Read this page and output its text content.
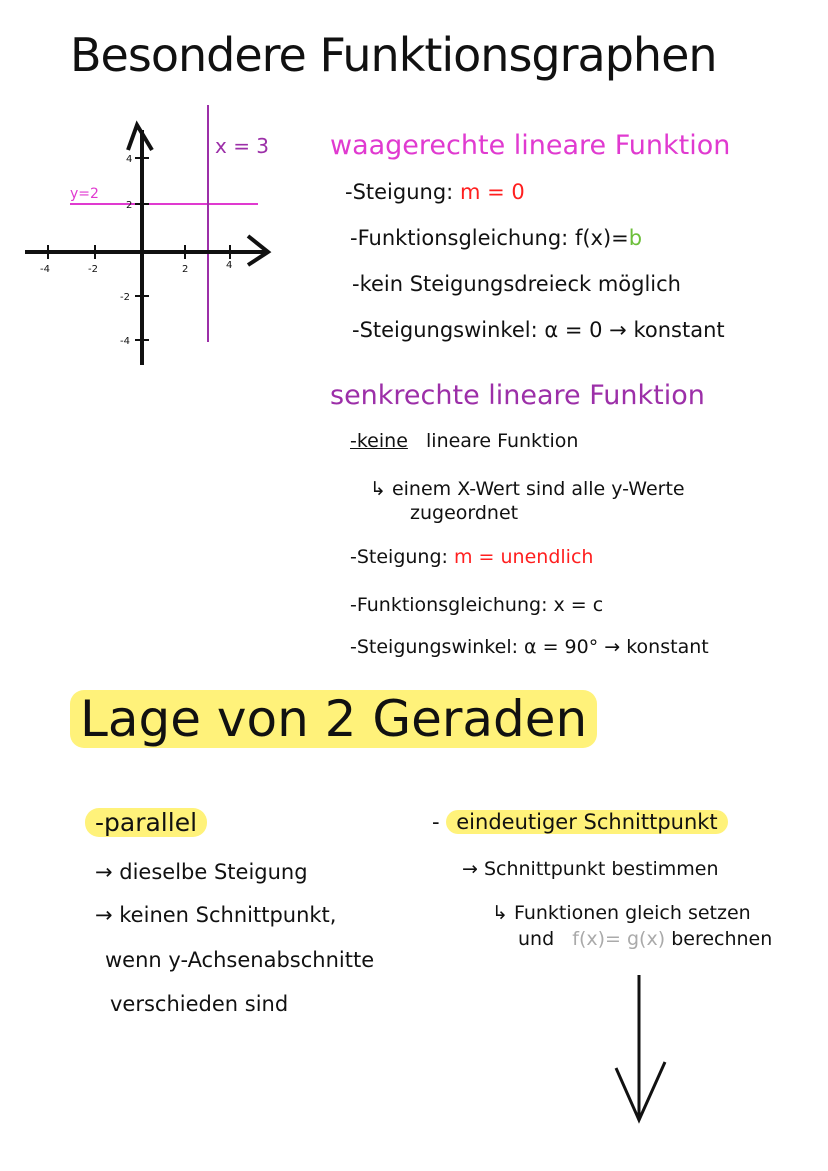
Besondere Funktionsgraphen
-4	-2	2	4
4
2
-2
-4
y=2
x = 3 waagerechte lineare Funktion
-Steigung: m = 0
-Funktionsgleichung: f(x)=b
-kein Steigungsdreieck möglich
-Steigungswinkel: α = 0 → konstant
senkrechte lineare Funktion
-keine lineare Funktion
↳ einem X-Wert sind alle y-Werte
zugeordnet
-Steigung: m = unendlich
-Funktionsgleichung: x = c
-Steigungswinkel: α = 90° → konstant
Lage von 2 Geraden
-parallel
→ dieselbe Steigung
→ keinen Schnittpunkt,
wenn y-Achsenabschnitte
verschieden sind
- eindeutiger Schnittpunkt
→ Schnittpunkt bestimmen
↳ Funktionen gleich setzen
und f(x)= g(x) berechnen
